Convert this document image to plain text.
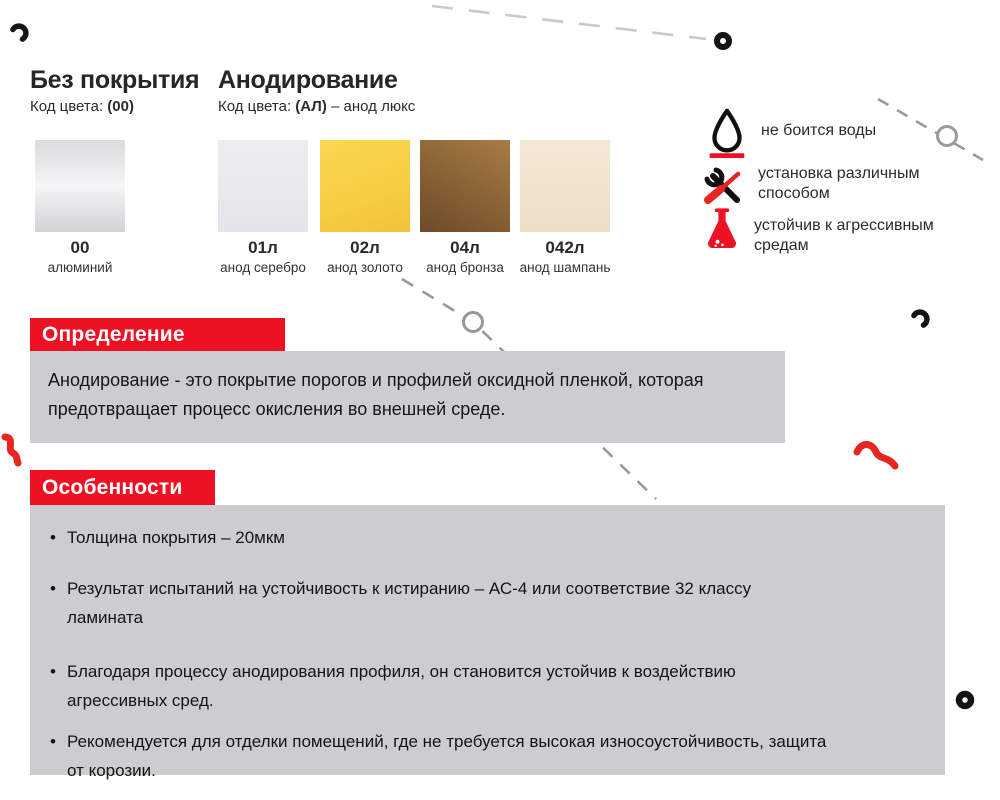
Без покрытия
Код цвета: (00)
Анодирование
Код цвета: (АЛ) – анод люкс
00
алюминий
01л
анод серебро
02л
анод золото
04л
анод бронза
042л
анод шампань
не боится воды
установка различным способом
устойчив к агрессивным средам
Определение
Анодирование - это покрытие порогов и профилей оксидной пленкой, которая предотвращает процесс окисления во внешней среде.
Особенности
• Толщина покрытия – 20мкм
• Результат испытаний на устойчивость к истиранию – АС-4 или соответствие 32 классу ламината
• Благодаря процессу анодирования профиля, он становится устойчив к воздействию агрессивных сред.
• Рекомендуется для отделки помещений, где не требуется высокая износоустойчивость, защита от корозии.
